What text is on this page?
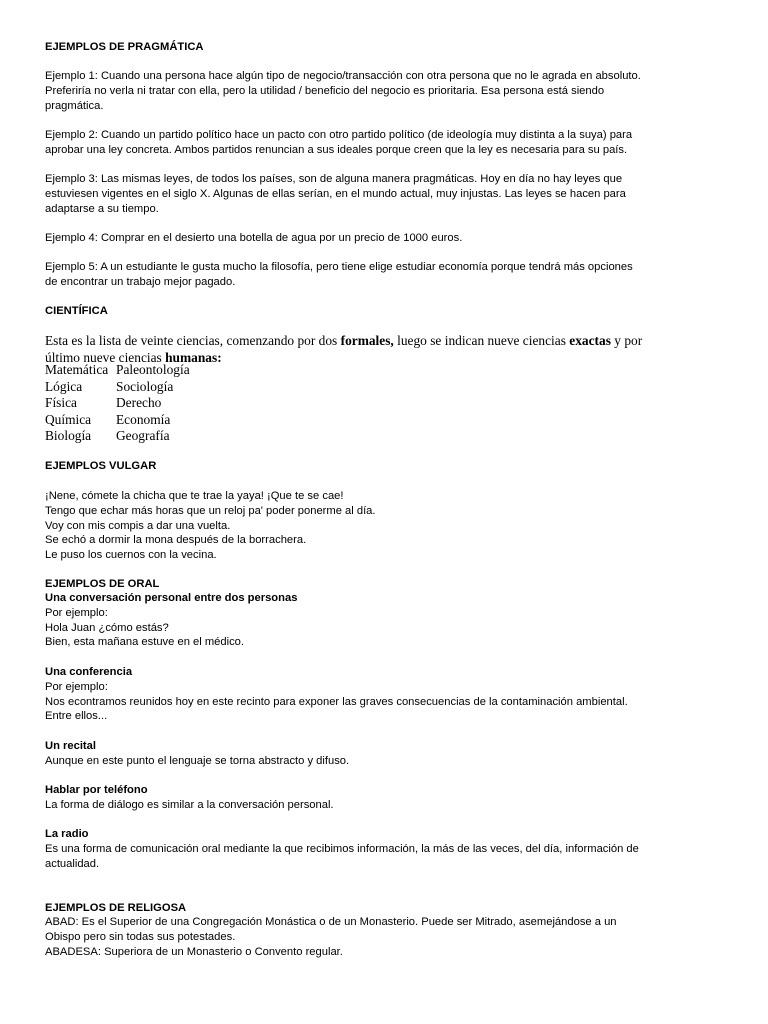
EJEMPLOS DE PRAGMÁTICA
Ejemplo 1: Cuando una persona hace algún tipo de negocio/transacción con otra persona que no le agrada en absoluto.
Preferiría no verla ni tratar con ella, pero la utilidad / beneficio del negocio es prioritaria. Esa persona está siendo
pragmática.
Ejemplo 2: Cuando un partido político hace un pacto con otro partido político (de ideología muy distinta a la suya) para
aprobar una ley concreta. Ambos partidos renuncian a sus ideales porque creen que la ley es necesaria para su país.
Ejemplo 3: Las mismas leyes, de todos los países, son de alguna manera pragmáticas. Hoy en día no hay leyes que
estuviesen vigentes en el siglo X. Algunas de ellas serían, en el mundo actual, muy injustas. Las leyes se hacen para
adaptarse a su tiempo.
Ejemplo 4: Comprar en el desierto una botella de agua por un precio de 1000 euros.
Ejemplo 5: A un estudiante le gusta mucho la filosofía, pero tiene elige estudiar economía porque tendrá más opciones
de encontrar un trabajo mejor pagado.
CIENTÍFICA
Esta es la lista de veinte ciencias, comenzando por dos formales, luego se indican nueve ciencias exactas y por
último nueve ciencias humanas:
Matemática Paleontología
Lógica	Sociología
Física	Derecho
Química	Economía
Biología	Geografía
EJEMPLOS VULGAR
¡Nene, cómete la chicha que te trae la yaya! ¡Que te se cae!
Tengo que echar más horas que un reloj pa' poder ponerme al día.
Voy con mis compis a dar una vuelta.
Se echó a dormir la mona después de la borrachera.
Le puso los cuernos con la vecina.
EJEMPLOS DE ORAL
Una conversación personal entre dos personas
Por ejemplo:
Hola Juan ¿cómo estás?
Bien, esta mañana estuve en el médico.
Una conferencia
Por ejemplo:
Nos econtramos reunidos hoy en este recinto para exponer las graves consecuencias de la contaminación ambiental.
Entre ellos...
Un recital
Aunque en este punto el lenguaje se torna abstracto y difuso.
Hablar por teléfono
La forma de diálogo es similar a la conversación personal.
La radio
Es una forma de comunicación oral mediante la que recibimos información, la más de las veces, del día, información de
actualidad.
EJEMPLOS DE RELIGOSA
ABAD: Es el Superior de una Congregación Monástica o de un Monasterio. Puede ser Mitrado, asemejándose a un
Obispo pero sin todas sus potestades.
ABADESA: Superiora de un Monasterio o Convento regular.
